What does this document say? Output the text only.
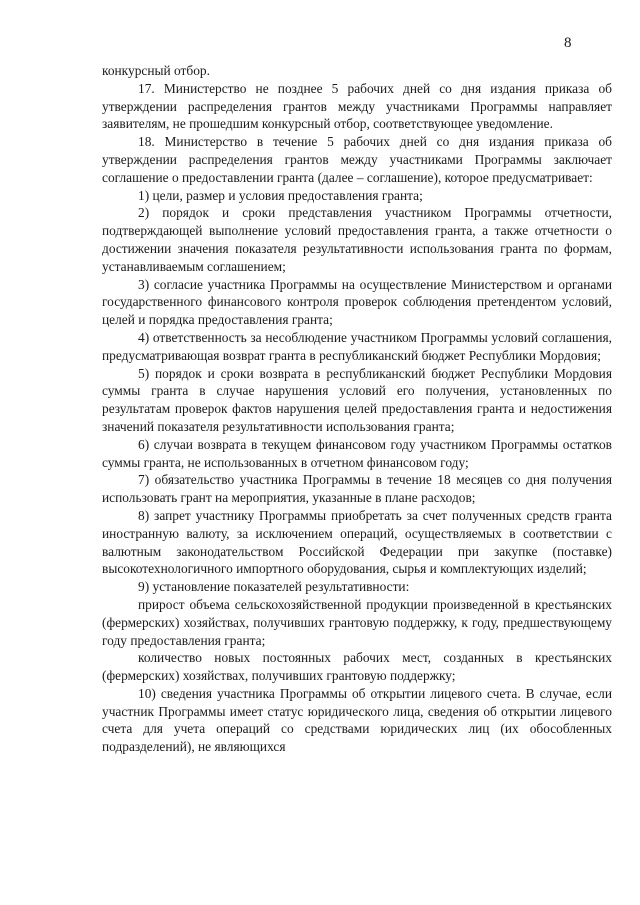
8

конкурсный отбор.

17. Министерство не позднее 5 рабочих дней со дня издания приказа об утверждении распределения грантов между участниками Программы направляет заявителям, не прошедшим конкурсный отбор, соответствующее уведомление.

18. Министерство в течение 5 рабочих дней со дня издания приказа об утверждении распределения грантов между участниками Программы заключает соглашение о предоставлении гранта (далее – соглашение), которое предусматривает:

1) цели, размер и условия предоставления гранта;

2) порядок и сроки представления участником Программы отчетности, подтверждающей выполнение условий предоставления гранта, а также отчетности о достижении значения показателя результативности использования гранта по формам, устанавливаемым соглашением;

3) согласие участника Программы на осуществление Министерством и органами государственного финансового контроля проверок соблюдения претендентом условий, целей и порядка предоставления гранта;

4) ответственность за несоблюдение участником Программы условий соглашения, предусматривающая возврат гранта в республиканский бюджет Республики Мордовия;

5) порядок и сроки возврата в республиканский бюджет Республики Мордовия суммы гранта в случае нарушения условий его получения, установленных по результатам проверок фактов нарушения целей предоставления гранта и недостижения значений показателя результативности использования гранта;

6) случаи возврата в текущем финансовом году участником Программы остатков суммы гранта, не использованных в отчетном финансовом году;

7) обязательство участника Программы в течение 18 месяцев со дня получения использовать грант на мероприятия, указанные в плане расходов;

8) запрет участнику Программы приобретать за счет полученных средств гранта иностранную валюту, за исключением операций, осуществляемых в соответствии с валютным законодательством Российской Федерации при закупке (поставке) высокотехнологичного импортного оборудования, сырья и комплектующих изделий;

9) установление показателей результативности:

прирост объема сельскохозяйственной продукции произведенной в крестьянских (фермерских) хозяйствах, получивших грантовую поддержку, к году, предшествующему году предоставления гранта;

количество новых постоянных рабочих мест, созданных в крестьянских (фермерских) хозяйствах, получивших грантовую поддержку;

10) сведения участника Программы об открытии лицевого счета. В случае, если участник Программы имеет статус юридического лица, сведения об открытии лицевого счета для учета операций со средствами юридических лиц (их обособленных подразделений), не являющихся
